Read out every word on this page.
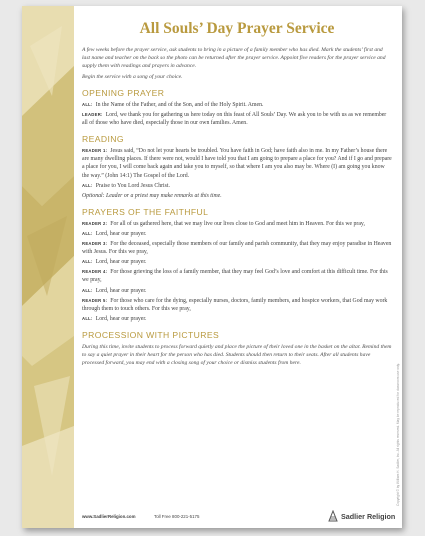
All Souls’ Day Prayer Service

A few weeks before the prayer service, ask students to bring in a picture of a family member who has died. Mark the students’ first and last name and teacher on the back so the photo can be returned after the prayer service. Appoint five readers for the prayer service and supply them with readings and prayers in advance.

Begin the service with a song of your choice.

OPENING PRAYER
ALL: In the Name of the Father, and of the Son, and of the Holy Spirit. Amen.
LEADER: Lord, we thank you for gathering us here today on this feast of All Souls’ Day. We ask you to be with us as we remember all of those who have died, especially those in our own families. Amen.
READING
READER 1: Jesus said, “Do not let your hearts be troubled. You have faith in God; have faith also in me. In my Father’s house there are many dwelling places. If there were not, would I have told you that I am going to prepare a place for you? And if I go and prepare a place for you, I will come back again and take you to myself, so that where I am you also may be. Where (I) am going you know the way.” (John 14:1) The Gospel of the Lord.
ALL: Praise to You Lord Jesus Christ.
Optional: Leader or a priest may make remarks at this time.
PRAYERS OF THE FAITHFUL
READER 2: For all of us gathered here, that we may live our lives close to God and meet him in Heaven. For this we pray,
ALL: Lord, hear our prayer.
READER 3: For the deceased, especially those members of our family and parish community, that they may enjoy paradise in Heaven with Jesus. For this we pray,
ALL: Lord, hear our prayer.
READER 4: For those grieving the loss of a family member, that they may feel God’s love and comfort at this difficult time. For this we pray,
ALL: Lord, hear our prayer.
READER 5: For those who care for the dying, especially nurses, doctors, family members, and hospice workers, that God may work through them to touch others. For this we pray,
ALL: Lord, hear our prayer.
PROCESSION WITH PICTURES
During this time, invite students to process forward quietly and place the picture of their loved one in the basket on the altar. Remind them to say a quiet prayer in their heart for the person who has died. Students should then return to their seats. After all students have processed forward, you may end with a closing song of your choice or dismiss students from here.
Copyright © by William H. Sadlier, Inc. All rights reserved. May be reproduced for classroom use only.
www.SadlierReligion.com	Toll Free 800-221-5175	Sadlier Religion
